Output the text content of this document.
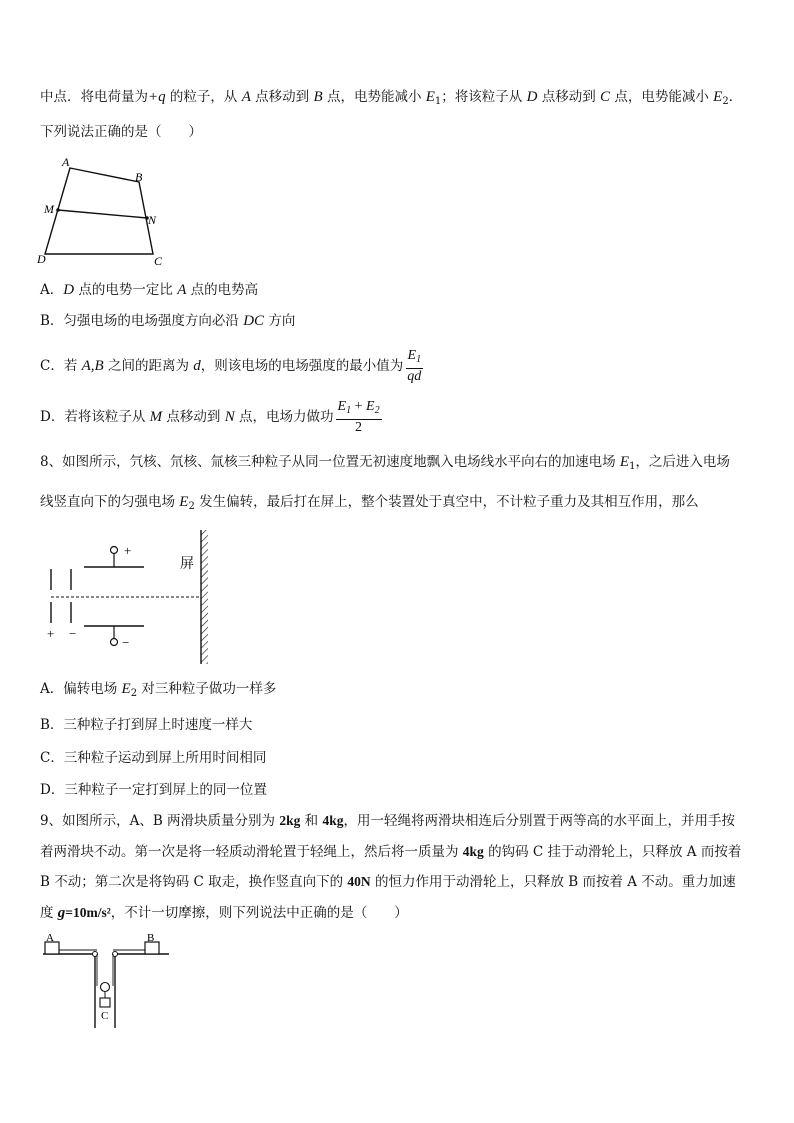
中点．将电荷量为+q 的粒子，从 A 点移动到 B 点，电势能减小 $E_1$；将该粒子从 D 点移动到 C 点，电势能减小 $E_2$．
下列说法正确的是（　　）
A
B
M
N
D	C
A．D 点的电势一定比 A 点的电势高
B．匀强电场的电场强度方向必沿 DC 方向
C．若 A,B 之间的距离为 d，则该电场的电场强度的最小值为 $\frac{E_1}{qd}$
D．若将该粒子从 M 点移动到 N 点，电场力做功 $\frac{E_1 + E_2}{2}$
8、如图所示，氕核、氘核、氚核三种粒子从同一位置无初速度地飘入电场线水平向右的加速电场 $E_1$，之后进入电场
线竖直向下的匀强电场 $E_2$ 发生偏转，最后打在屏上，整个装置处于真空中，不计粒子重力及其相互作用，那么
+ −
+
−
屏
A．偏转电场 $E_2$ 对三种粒子做功一样多
B．三种粒子打到屏上时速度一样大
C．三种粒子运动到屏上所用时间相同
D．三种粒子一定打到屏上的同一位置
9、如图所示，A、B 两滑块质量分别为 2kg 和 4kg，用一轻绳将两滑块相连后分别置于两等高的水平面上，并用手按
着两滑块不动。第一次是将一轻质动滑轮置于轻绳上，然后将一质量为 4kg 的钩码 C 挂于动滑轮上，只释放 A 而按着
B 不动；第二次是将钩码 C 取走，换作竖直向下的 40N 的恒力作用于动滑轮上，只释放 B 而按着 A 不动。重力加速
度 g=10m/s²，不计一切摩擦，则下列说法中正确的是（　　）
A	B
C
